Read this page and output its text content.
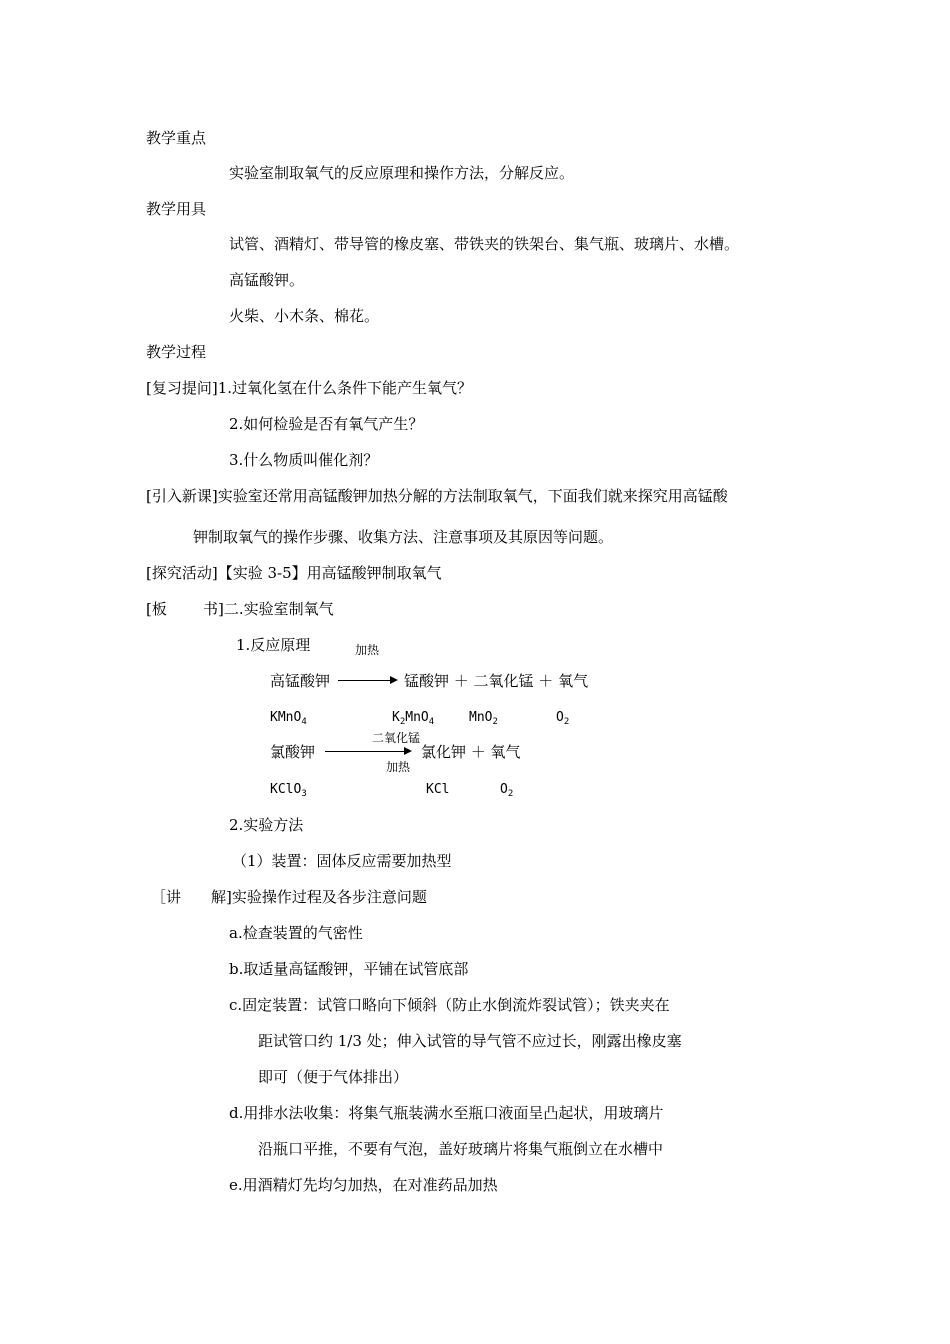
教学重点
实验室制取氧气的反应原理和操作方法，分解反应。
教学用具
试管、酒精灯、带导管的橡皮塞、带铁夹的铁架台、集气瓶、玻璃片、水槽。
高锰酸钾。
火柴、小木条、棉花。
教学过程
[复习提问]1.过氧化氢在什么条件下能产生氧气？
2.如何检验是否有氧气产生？
3.什么物质叫催化剂？
[引入新课]实验室还常用高锰酸钾加热分解的方法制取氧气，下面我们就来探究用高锰酸
钾制取氧气的操作步骤、收集方法、注意事项及其原因等问题。
[探究活动]【实验 3-5】用高锰酸钾制取氧气
[板 书]二.实验室制氧气
1.反应原理	加热
高锰酸钾	锰酸钾 ＋ 二氧化锰 ＋ 氧气
KMnO$_4$	$K_2MnO_4$	MnO$_2$	$O_2$
二氧化锰
氯酸钾	氯化钾 ＋ 氧气
加热
KClO$_3$	KCl	$O_2$
2.实验方法
（1）装置：固体反应需要加热型
［讲 解]实验操作过程及各步注意问题
a.检查装置的气密性
b.取适量高锰酸钾，平铺在试管底部
c.固定装置：试管口略向下倾斜（防止水倒流炸裂试管）；铁夹夹在
距试管口约 1/3 处；伸入试管的导气管不应过长，刚露出橡皮塞
即可（便于气体排出）
d.用排水法收集：将集气瓶装满水至瓶口液面呈凸起状，用玻璃片
沿瓶口平推，不要有气泡，盖好玻璃片将集气瓶倒立在水槽中
e.用酒精灯先均匀加热，在对准药品加热
